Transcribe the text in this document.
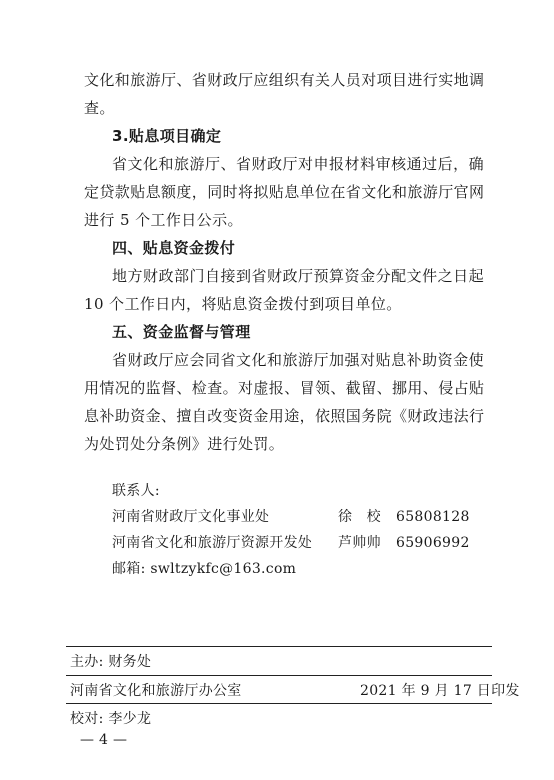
文化和旅游厅、省财政厅应组织有关人员对项目进行实地调
查。
3.贴息项目确定
省文化和旅游厅、省财政厅对申报材料审核通过后，确
定贷款贴息额度，同时将拟贴息单位在省文化和旅游厅官网
进行 5 个工作日公示。
四、贴息资金拨付
地方财政部门自接到省财政厅预算资金分配文件之日起
10 个工作日内，将贴息资金拨付到项目单位。
五、资金监督与管理
省财政厅应会同省文化和旅游厅加强对贴息补助资金使
用情况的监督、检查。对虚报、冒领、截留、挪用、侵占贴
息补助资金、擅自改变资金用途，依照国务院《财政违法行
为处罚处分条例》进行处罚。
联系人:
河南省财政厅文化事业处	徐　校 65808128
河南省文化和旅游厅资源开发处 芦帅帅 65906992
邮箱: swltzykfc@163.com
主办: 财务处
河南省文化和旅游厅办公室	2021 年 9 月 17 日印发
校对: 李少龙
— 4 —
